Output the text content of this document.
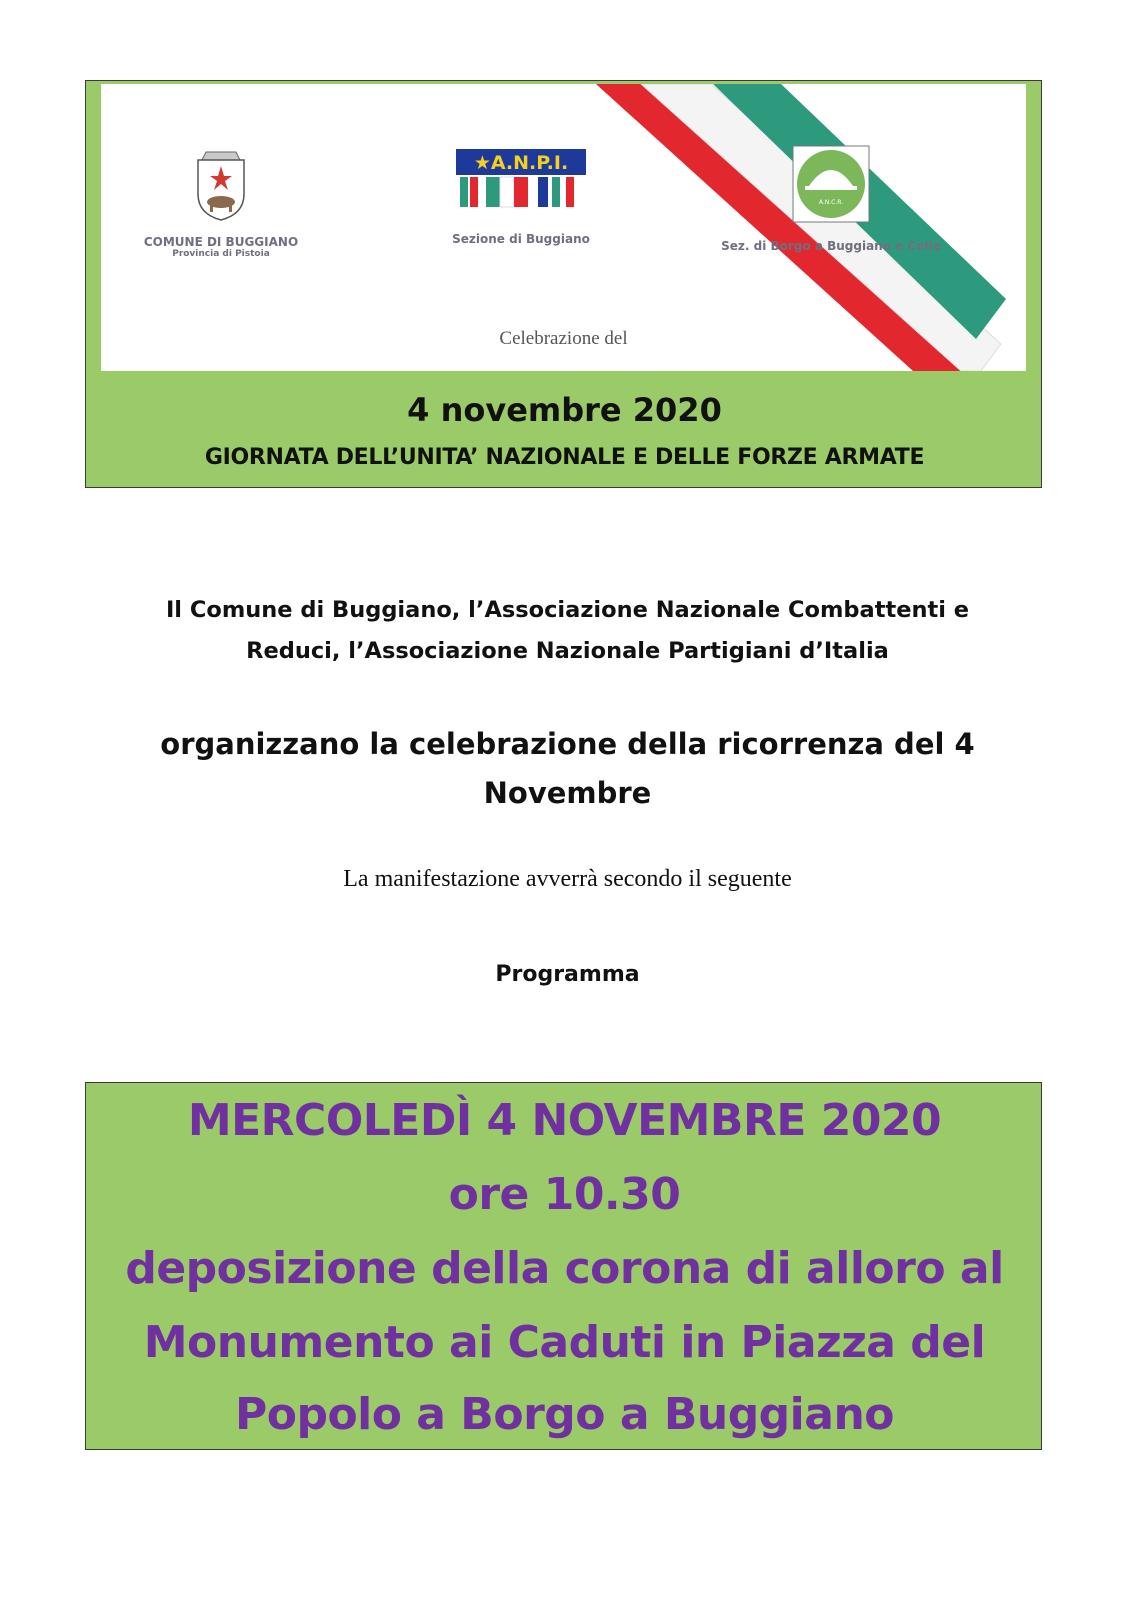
COMUNE DI BUGGIANO
Provincia di Pistoia
★A.N.P.I.
Sezione di Buggiano
A.N.C.R.
Sez. di Borgo a Buggiano e Colle
Celebrazione del
4 novembre 2020
GIORNATA DELL’UNITA’ NAZIONALE E DELLE FORZE ARMATE
Il Comune di Buggiano, l’Associazione Nazionale Combattenti e
Reduci, l’Associazione Nazionale Partigiani d’Italia
organizzano la celebrazione della ricorrenza del 4
Novembre
La manifestazione avverrà secondo il seguente
Programma
MERCOLEDÌ 4 NOVEMBRE 2020
ore 10.30
deposizione della corona di alloro al
Monumento ai Caduti in Piazza del
Popolo a Borgo a Buggiano
